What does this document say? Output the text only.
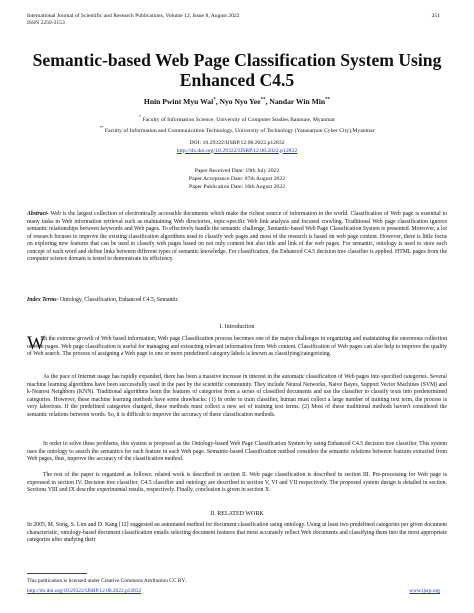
International Journal of Scientific and Research Publications, Volume 12, Issue 8, August 2022
ISSN 2250-3153
251
Semantic-based Web Page Classification System Using Enhanced C4.5
Hnin Pwint Myu Wai*, Nyo Nyo Yee**, Nandar Win Min**
* Faculty of Information Science, University of Computer Studies Banmaw, Myanmar
** Faculty of Information and Communication Technology, University of Technology (Yatanarpon Cyber City),Myanmar
DOI: 10.29322/IJSRP.12.08.2022.p12832
http://dx.doi.org/10.29322/IJSRP.12.08.2022.p12832
Paper Received Date: 19th July 2022
Paper Acceptance Date: 07th August 2022
Paper Publication Date: 16th August 2022
Abstract- Web is the largest collection of electronically accessible documents which make the richest source of information in the world. Classification of Web page is essential to many tasks in Web information retrieval such as maintaining Web directories, topic-specific Web link analysis and focused crawling. Traditional Web page classification ignores semantic relationships between keywords and Web pages. To effectively handle the semantic challenge, Semantic-based Web Page Classification System is presented. Moreover, a lot of research focuses to improve the existing classification algorithms used to classify web pages and most of the research is based on web page content. However, there is little focus on exploring new features that can be used to classify web pages based on not only content but also title and link of the web pages. For semantic, ontology is used to store each concept of each word and define links between different types of semantic knowledge. For classification, the Enhanced C4.5 decision tree classifier is applied. HTML pages from the computer science domain is tested to demonstrate its efficiency.
Index Terms- Ontology, Classification, Enhanced C4.5, Semantic
I. Introduction
W

ith the extreme growth of Web based information, Web page Classification process becomes one of the major challenges in organizing and maintaining the enormous collection of Web pages. Web page classification is useful for managing and extracting relevant information from Web content. Classification of Web pages can also help to improve the quality of Web search. The process of assigning a Web page to one or more predefined category labels is known as classifying/categorizing.

As the pace of Internet usage has rapidly expanded, there has been a massive increase in interest in the automatic classification of Web pages into specified categories. Several machine learning algorithms have been successfully used in the past by the scientific community. They include Neural Networks, Naive Bayes, Support Vector Machines (SVM) and k-Nearest Neighbors (KNN). Traditional algorithms learn the features of categories from a series of classified documents and use the classifier to classify texts into predetermined categories. However, these machine learning methods have some drawbacks: (1) In order to train classifier, human must collect a large number of training text term, the process is very laborious. If the predefined categories changed, these methods must collect a new set of training text terms. (2) Most of these traditional methods haven't considered the semantic relations between words. So, it is difficult to improve the accuracy of these classification methods.

In order to solve these problems, this system is proposed as the Ontology-based Web Page Classification System by using Enhanced C4.5 decision tree classifier. This system uses the ontology to search the semantics for each feature in each Web page. Semantic-based Classification method considers the semantic relations between features extracted from Web pages, thus, improve the accuracy of the classification method.

The rest of the paper is organized as follows: related work is described in section II. Web page classification is described in section III. Pre-processing for Web page is expressed in section IV. Decision tree classifier, C4.5 classifier and ontology are described in section V, VI and VII respectively. The proposed system design is detailed in section. Sections VIII and IX describe experimental results, respectively. Finally, conclusion is given in section X.

II. RELATED WORK

In 2005, M. Song, S. Lim and D. Kang [12] suggested an automated method for document classification using ontology. Using at least two predefined categories per given document characteristic, ontology-based document classification entails selecting document features that most accurately reflect Web documents and classifying them into the most appropriate categories after studying their

This publication is licensed under Creative Commons Attribution CC BY.
http://dx.doi.org/10.29322/IJSRP.12.08.2022.p12832	www.ijsrp.org
